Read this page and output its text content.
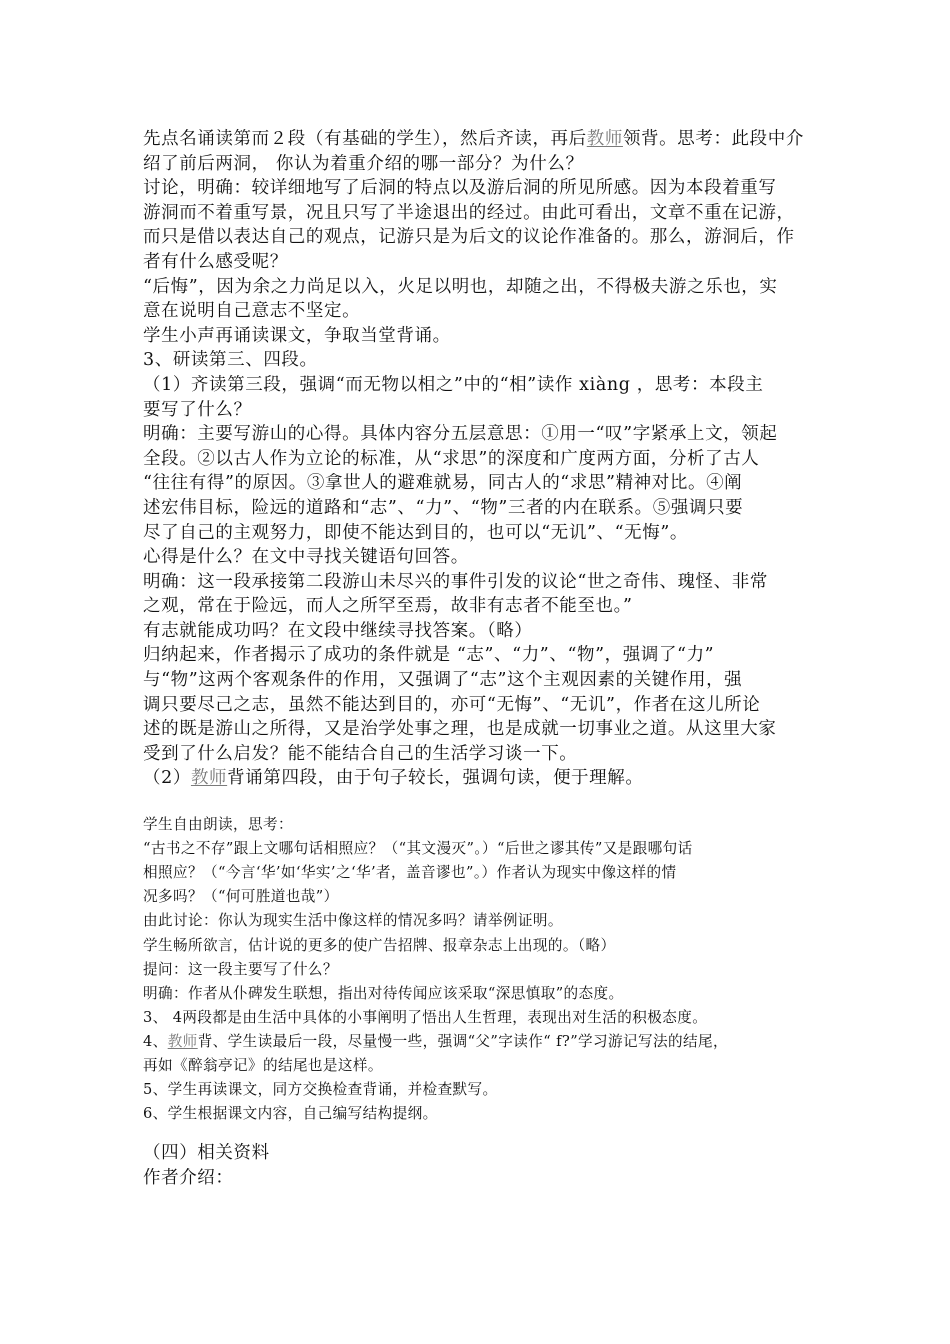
先点名诵读第而２段（有基础的学生），然后齐读，再后教师领背。思考：此段中介

绍了前后两洞， 你认为着重介绍的哪一部分？为什么？

讨论，明确：较详细地写了后洞的特点以及游后洞的所见所感。因为本段着重写

游洞而不着重写景，况且只写了半途退出的经过。由此可看出，文章不重在记游，

而只是借以表达自己的观点，记游只是为后文的议论作准备的。那么，游洞后，作

者有什么感受呢？

“后悔”，因为余之力尚足以入，火足以明也，却随之出，不得极夫游之乐也，实

意在说明自己意志不坚定。

学生小声再诵读课文，争取当堂背诵。

3、研读第三、四段。

（1）齐读第三段，强调“而无物以相之”中的“相”读作 xiàng ，思考：本段主

要写了什么？

明确：主要写游山的心得。具体内容分五层意思：①用一“叹”字紧承上文，领起

全段。②以古人作为立论的标准，从“求思”的深度和广度两方面，分析了古人

“往往有得”的原因。③拿世人的避难就易，同古人的“求思”精神对比。④阐

述宏伟目标，险远的道路和“志”、“力”、“物”三者的内在联系。⑤强调只要

尽了自己的主观努力，即使不能达到目的，也可以“无讥”、“无悔”。

心得是什么？在文中寻找关键语句回答。

明确：这一段承接第二段游山未尽兴的事件引发的议论“世之奇伟、瑰怪、非常

之观，常在于险远，而人之所罕至焉，故非有志者不能至也。”

有志就能成功吗？在文段中继续寻找答案。（略）

归纳起来，作者揭示了成功的条件就是 “志”、“力”、“物”，强调了“力”

与“物”这两个客观条件的作用，又强调了“志”这个主观因素的关键作用，强

调只要尽己之志，虽然不能达到目的，亦可“无悔”、“无讥”，作者在这儿所论

述的既是游山之所得，又是治学处事之理，也是成就一切事业之道。从这里大家

受到了什么启发？能不能结合自己的生活学习谈一下。

（2）教师背诵第四段，由于句子较长，强调句读，便于理解。

学生自由朗读，思考：

“古书之不存”跟上文哪句话相照应？（“其文漫灭”。）“后世之谬其传”又是跟哪句话

相照应？（“今言‘华’如‘华实’之‘华’者，盖音谬也”。）作者认为现实中像这样的情

况多吗？（“何可胜道也哉”）

由此讨论：你认为现实生活中像这样的情况多吗？请举例证明。

学生畅所欲言，估计说的更多的使广告招牌、报章杂志上出现的。（略）

提问：这一段主要写了什么？

明确：作者从仆碑发生联想，指出对待传闻应该采取“深思慎取”的态度。

3、 4两段都是由生活中具体的小事阐明了悟出人生哲理，表现出对生活的积极态度。

4、教师背、学生读最后一段，尽量慢一些，强调“父”字读作“ f?”学习游记写法的结尾，

再如《醉翁亭记》的结尾也是这样。

5、学生再读课文，同方交换检查背诵，并检查默写。

6、学生根据课文内容，自己编写结构提纲。

（四）相关资料

作者介绍：
